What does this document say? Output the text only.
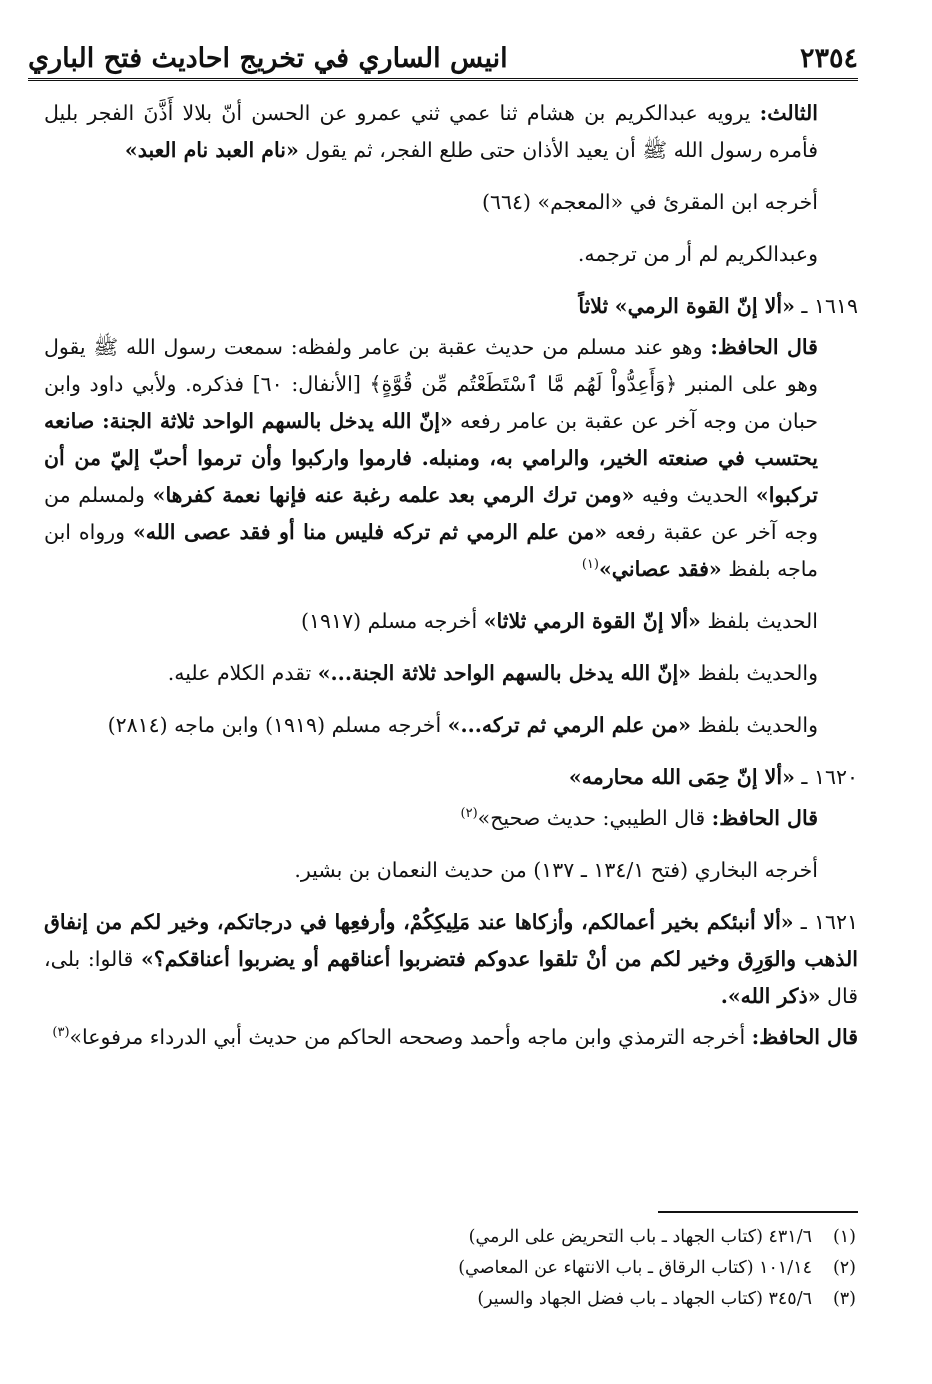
٢٣٥٤
انيس الساري في تخريج احاديث فتح الباري

الثالث: يرويه عبدالكريم بن هشام ثنا عمي ثني عمرو عن الحسن أنّ بلالا أَذَّنَ الفجر بليل فأمره رسول الله ﷺ أن يعيد الأذان حتى طلع الفجر، ثم يقول «نام العبد نام العبد»

أخرجه ابن المقرئ في «المعجم» (٦٦٤)

وعبدالكريم لم أر من ترجمه.

١٦١٩ ـ «ألا إنّ القوة الرمي» ثلاثاً

قال الحافظ: وهو عند مسلم من حديث عقبة بن عامر ولفظه: سمعت رسول الله ﷺ يقول وهو على المنبر ﴿وَأَعِدُّواْ لَهُم مَّا ٱسْتَطَعْتُم مِّن قُوَّةٍ﴾ [الأنفال: ٦٠] فذكره. ولأبي داود وابن حبان من وجه آخر عن عقبة بن عامر رفعه «إنّ الله يدخل بالسهم الواحد ثلاثة الجنة: صانعه يحتسب في صنعته الخير، والرامي به، ومنبله. فارموا واركبوا وأن ترموا أحبّ إليّ من أن تركبوا» الحديث وفيه «ومن ترك الرمي بعد علمه رغبة عنه فإنها نعمة كفرها» ولمسلم من وجه آخر عن عقبة رفعه «من علم الرمي ثم تركه فليس منا أو فقد عصى الله» ورواه ابن ماجه بلفظ «فقد عصاني»$^{(١)}$

الحديث بلفظ «ألا إنّ القوة الرمي ثلاثا» أخرجه مسلم (١٩١٧)

والحديث بلفظ «إنّ الله يدخل بالسهم الواحد ثلاثة الجنة...» تقدم الكلام عليه.

والحديث بلفظ «من علم الرمي ثم تركه...» أخرجه مسلم (١٩١٩) وابن ماجه (٢٨١٤)

١٦٢٠ ـ «ألا إنّ حِمَى الله محارمه»

قال الحافظ: قال الطيبي: حديث صحيح»$^{(٢)}$

أخرجه البخاري (فتح ١٣٤/١ ـ ١٣٧) من حديث النعمان بن بشير.

١٦٢١ ـ «ألا أنبئكم بخير أعمالكم، وأزكاها عند مَلِيكِكُمْ، وأرفعِها في درجاتكم، وخير لكم من إنفاق الذهب والوَرِق وخير لكم من أنْ تلقوا عدوكم فتضربوا أعناقهم أو يضربوا أعناقكم؟» قالوا: بلى، قال «ذكر الله».

قال الحافظ: أخرجه الترمذي وابن ماجه وأحمد وصححه الحاكم من حديث أبي الدرداء مرفوعا»$^{(٣)}$

(١)
٤٣١/٦ (كتاب الجهاد ـ باب التحريض على الرمي)
(٢)
١٠١/١٤ (كتاب الرقاق ـ باب الانتهاء عن المعاصي)
(٣)
٣٤٥/٦ (كتاب الجهاد ـ باب فضل الجهاد والسير)
